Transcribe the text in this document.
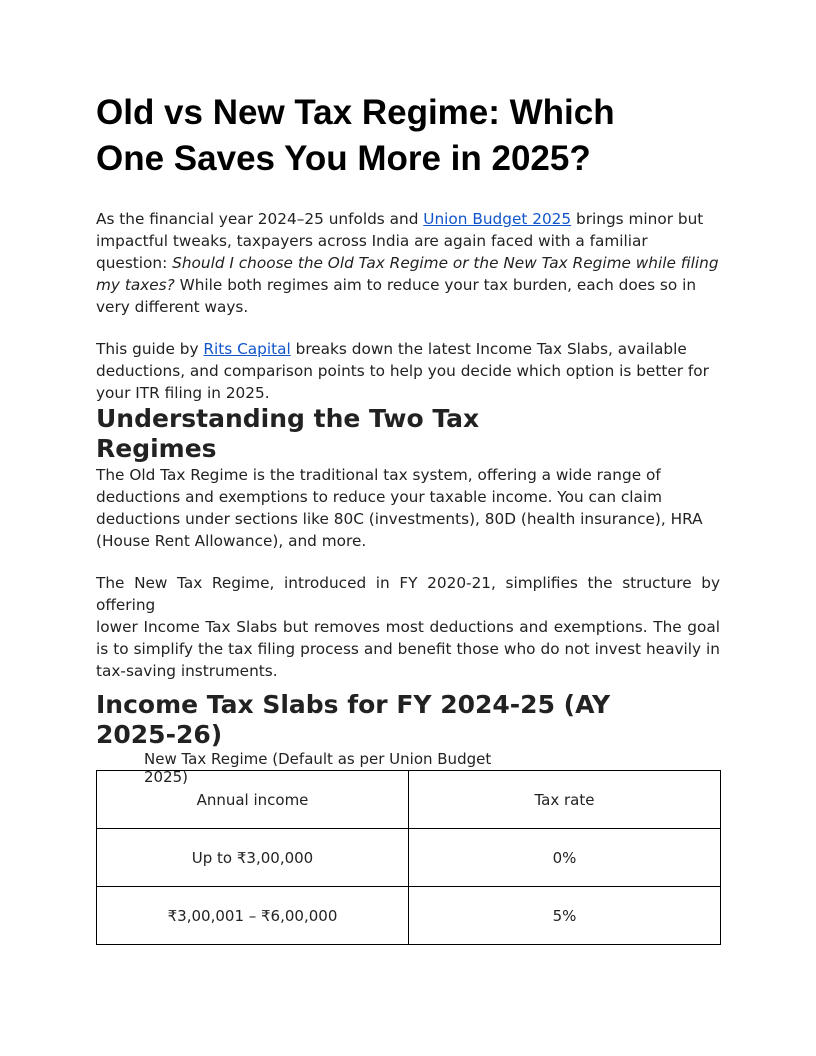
Old vs New Tax Regime: Which One Saves You More in 2025?

As the financial year 2024–25 unfolds and Union Budget 2025 brings minor but impactful tweaks, taxpayers across India are again faced with a familiar question: Should I choose the Old Tax Regime or the New Tax Regime while filing my taxes? While both regimes aim to reduce your tax burden, each does so in very different ways.

This guide by Rits Capital breaks down the latest Income Tax Slabs, available deductions, and comparison points to help you decide which option is better for your ITR filing in 2025.

Understanding the Two Tax Regimes

The Old Tax Regime is the traditional tax system, offering a wide range of deductions and exemptions to reduce your taxable income. You can claim deductions under sections like 80C (investments), 80D (health insurance), HRA (House Rent Allowance), and more.

The New Tax Regime, introduced in FY 2020-21, simplifies the structure by offering
lower Income Tax Slabs but removes most deductions and exemptions. The goal is to simplify the tax filing process and benefit those who do not invest heavily in tax-saving instruments.

Income Tax Slabs for FY 2024-25 (AY 2025-26)
New Tax Regime (Default as per Union Budget 2025)
Annual income	Tax rate
Up to ₹3,00,000	0%
₹3,00,001 – ₹6,00,000	5%
